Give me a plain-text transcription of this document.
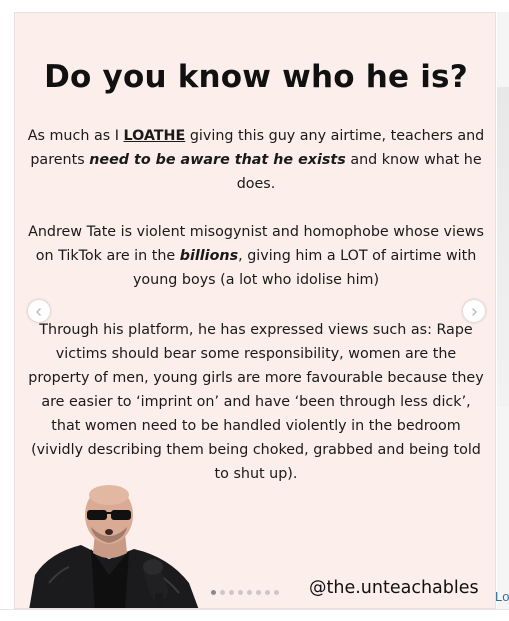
Do you know who he is?
As much as I LOATHE giving this guy any airtime, teachers and parents need to be aware that he exists and know what he does.
Andrew Tate is violent misogynist and homophobe whose views on TikTok are in the billions, giving him a LOT of airtime with young boys (a lot who idolise him)
Through his platform, he has expressed views such as: Rape victims should bear some responsibility, women are the property of men, young girls are more favourable because they are easier to ‘imprint on’ and have ‘been through less dick’, that women need to be handled violently in the bedroom (vividly describing them being choked, grabbed and being told to shut up).
@the.unteachables Lo
